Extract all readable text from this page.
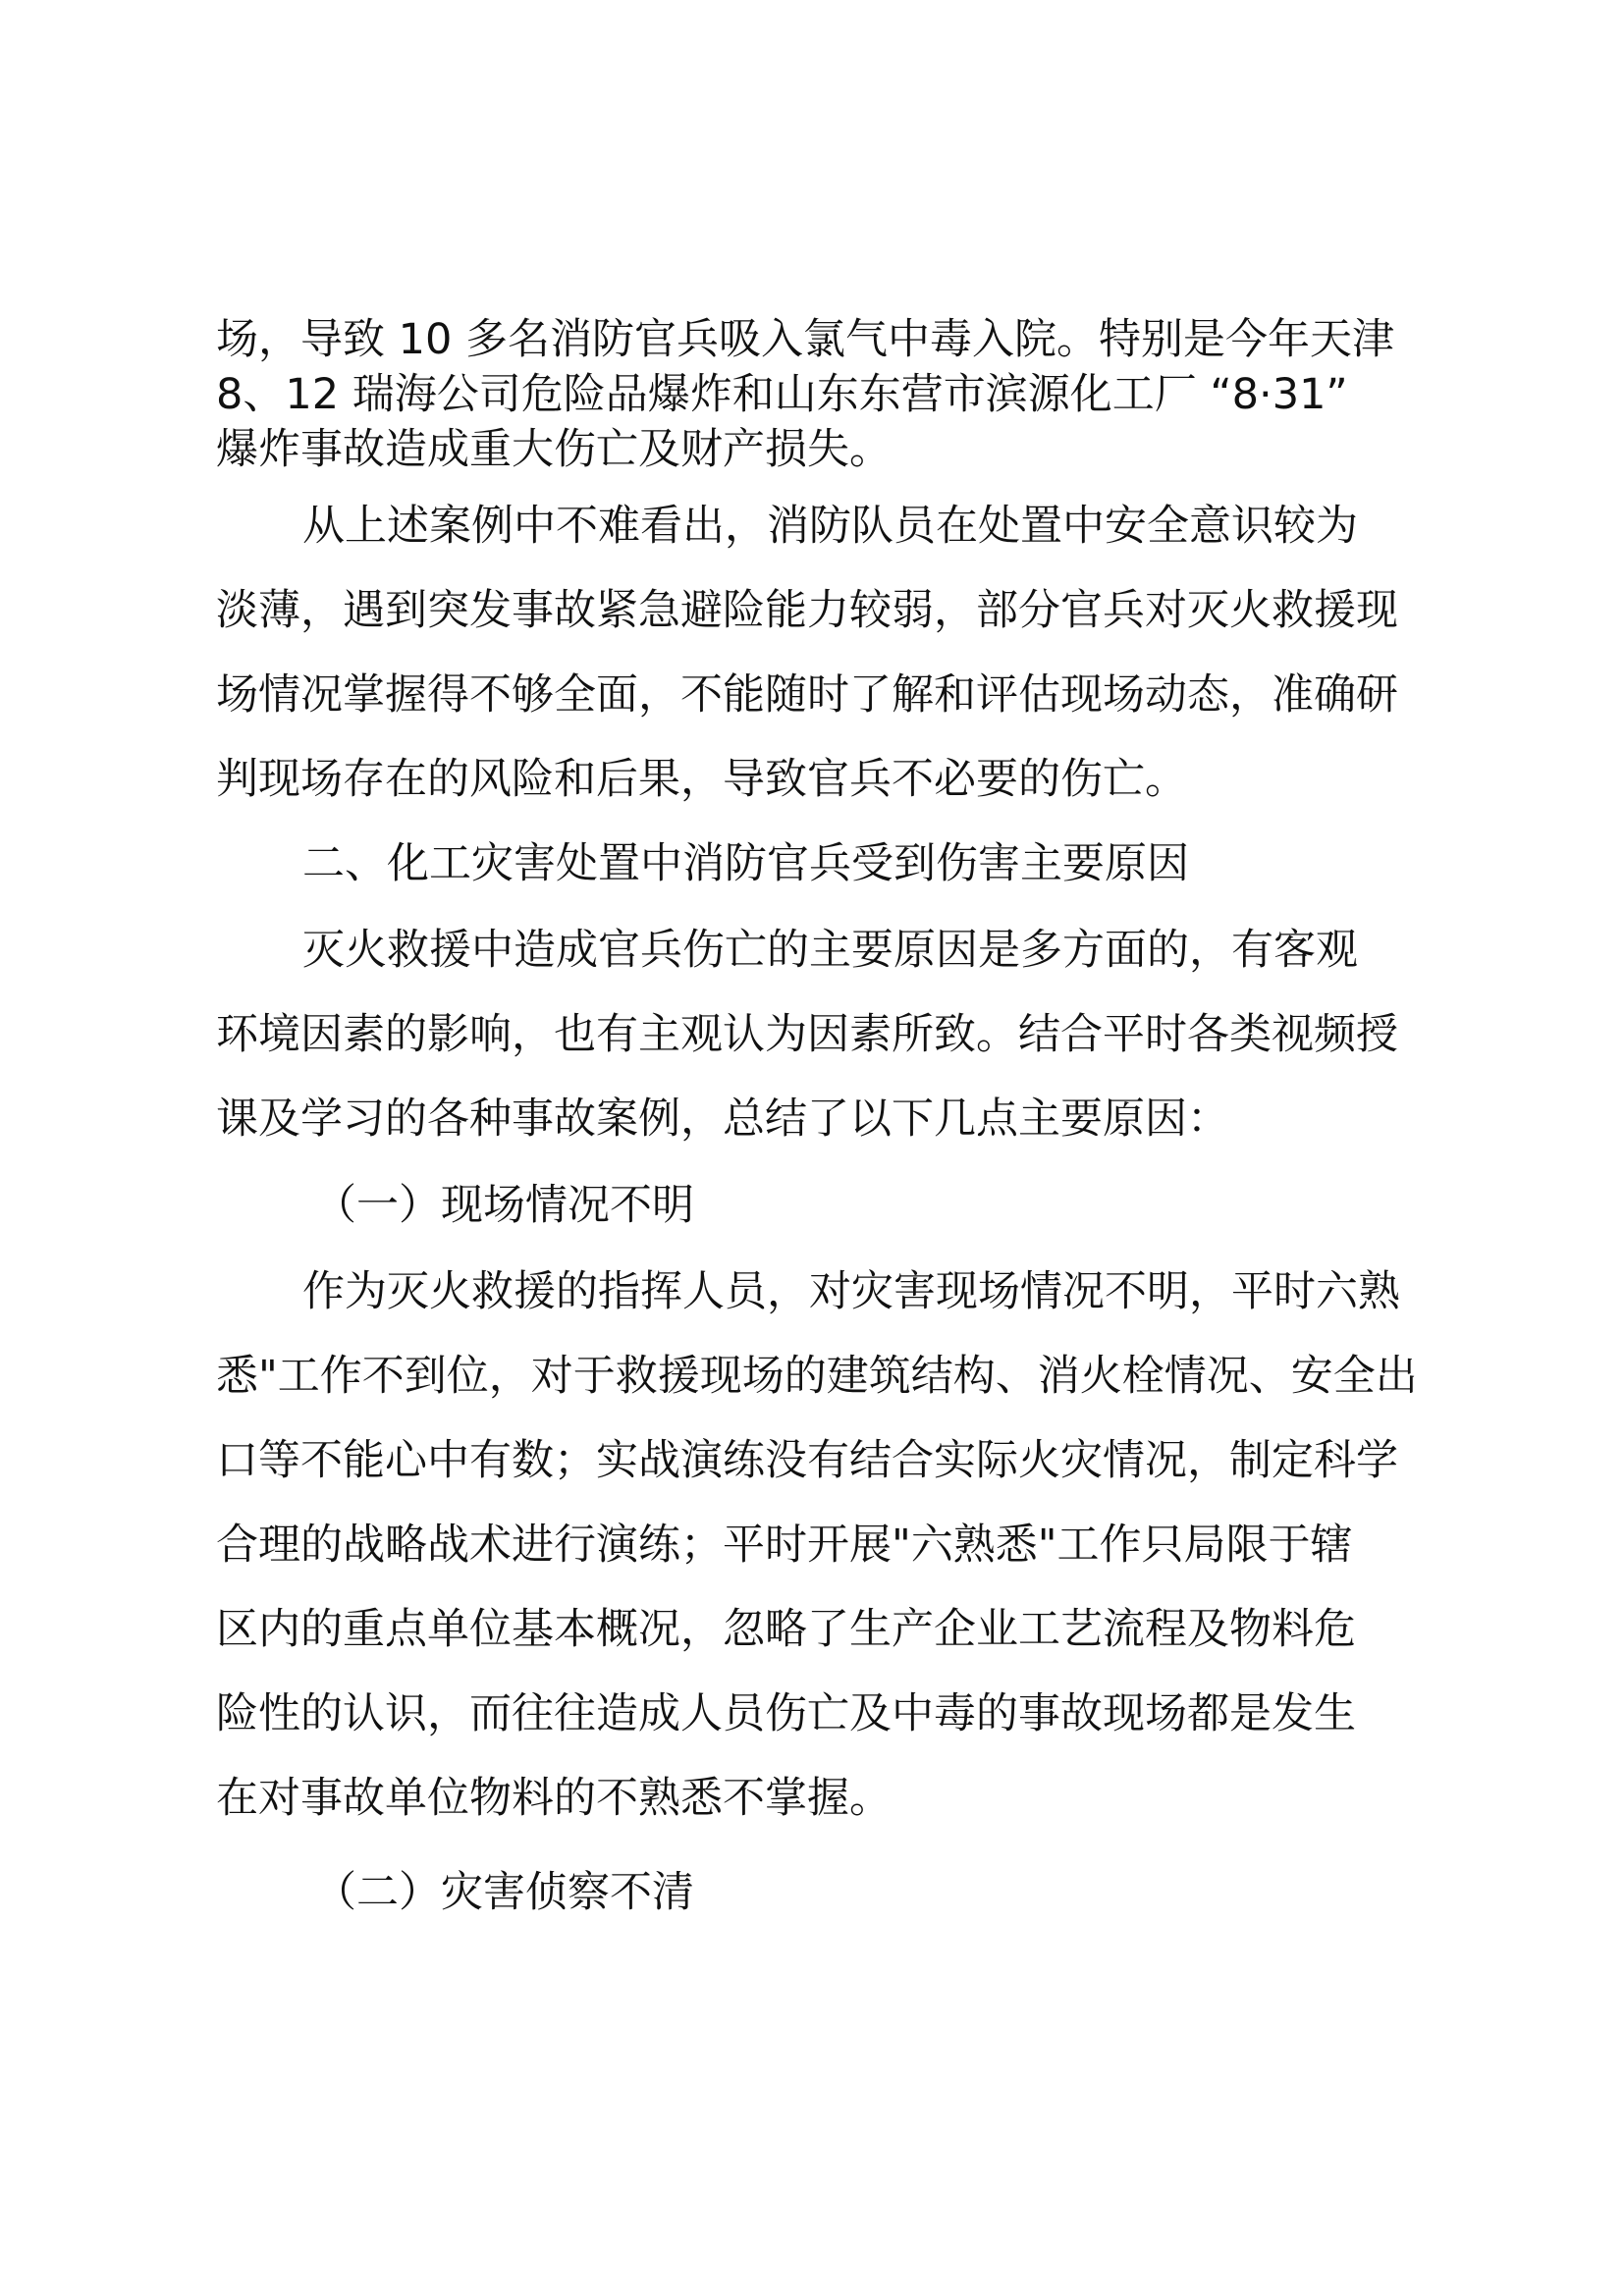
场，导致 10 多名消防官兵吸入氯气中毒入院。特别是今年天津
8、12 瑞海公司危险品爆炸和山东东营市滨源化工厂 “8·31”
爆炸事故造成重大伤亡及财产损失。
从上述案例中不难看出，消防队员在处置中安全意识较为
淡薄，遇到突发事故紧急避险能力较弱，部分官兵对灭火救援现
场情况掌握得不够全面，不能随时了解和评估现场动态，准确研
判现场存在的风险和后果，导致官兵不必要的伤亡。
二、化工灾害处置中消防官兵受到伤害主要原因
灭火救援中造成官兵伤亡的主要原因是多方面的，有客观
环境因素的影响，也有主观认为因素所致。结合平时各类视频授
课及学习的各种事故案例，总结了以下几点主要原因：
（一）现场情况不明
作为灭火救援的指挥人员，对灾害现场情况不明，平时六熟
悉"工作不到位，对于救援现场的建筑结构、消火栓情况、安全出
口等不能心中有数；实战演练没有结合实际火灾情况，制定科学
合理的战略战术进行演练；平时开展"六熟悉"工作只局限于辖
区内的重点单位基本概况，忽略了生产企业工艺流程及物料危
险性的认识，而往往造成人员伤亡及中毒的事故现场都是发生
在对事故单位物料的不熟悉不掌握。
（二）灾害侦察不清
